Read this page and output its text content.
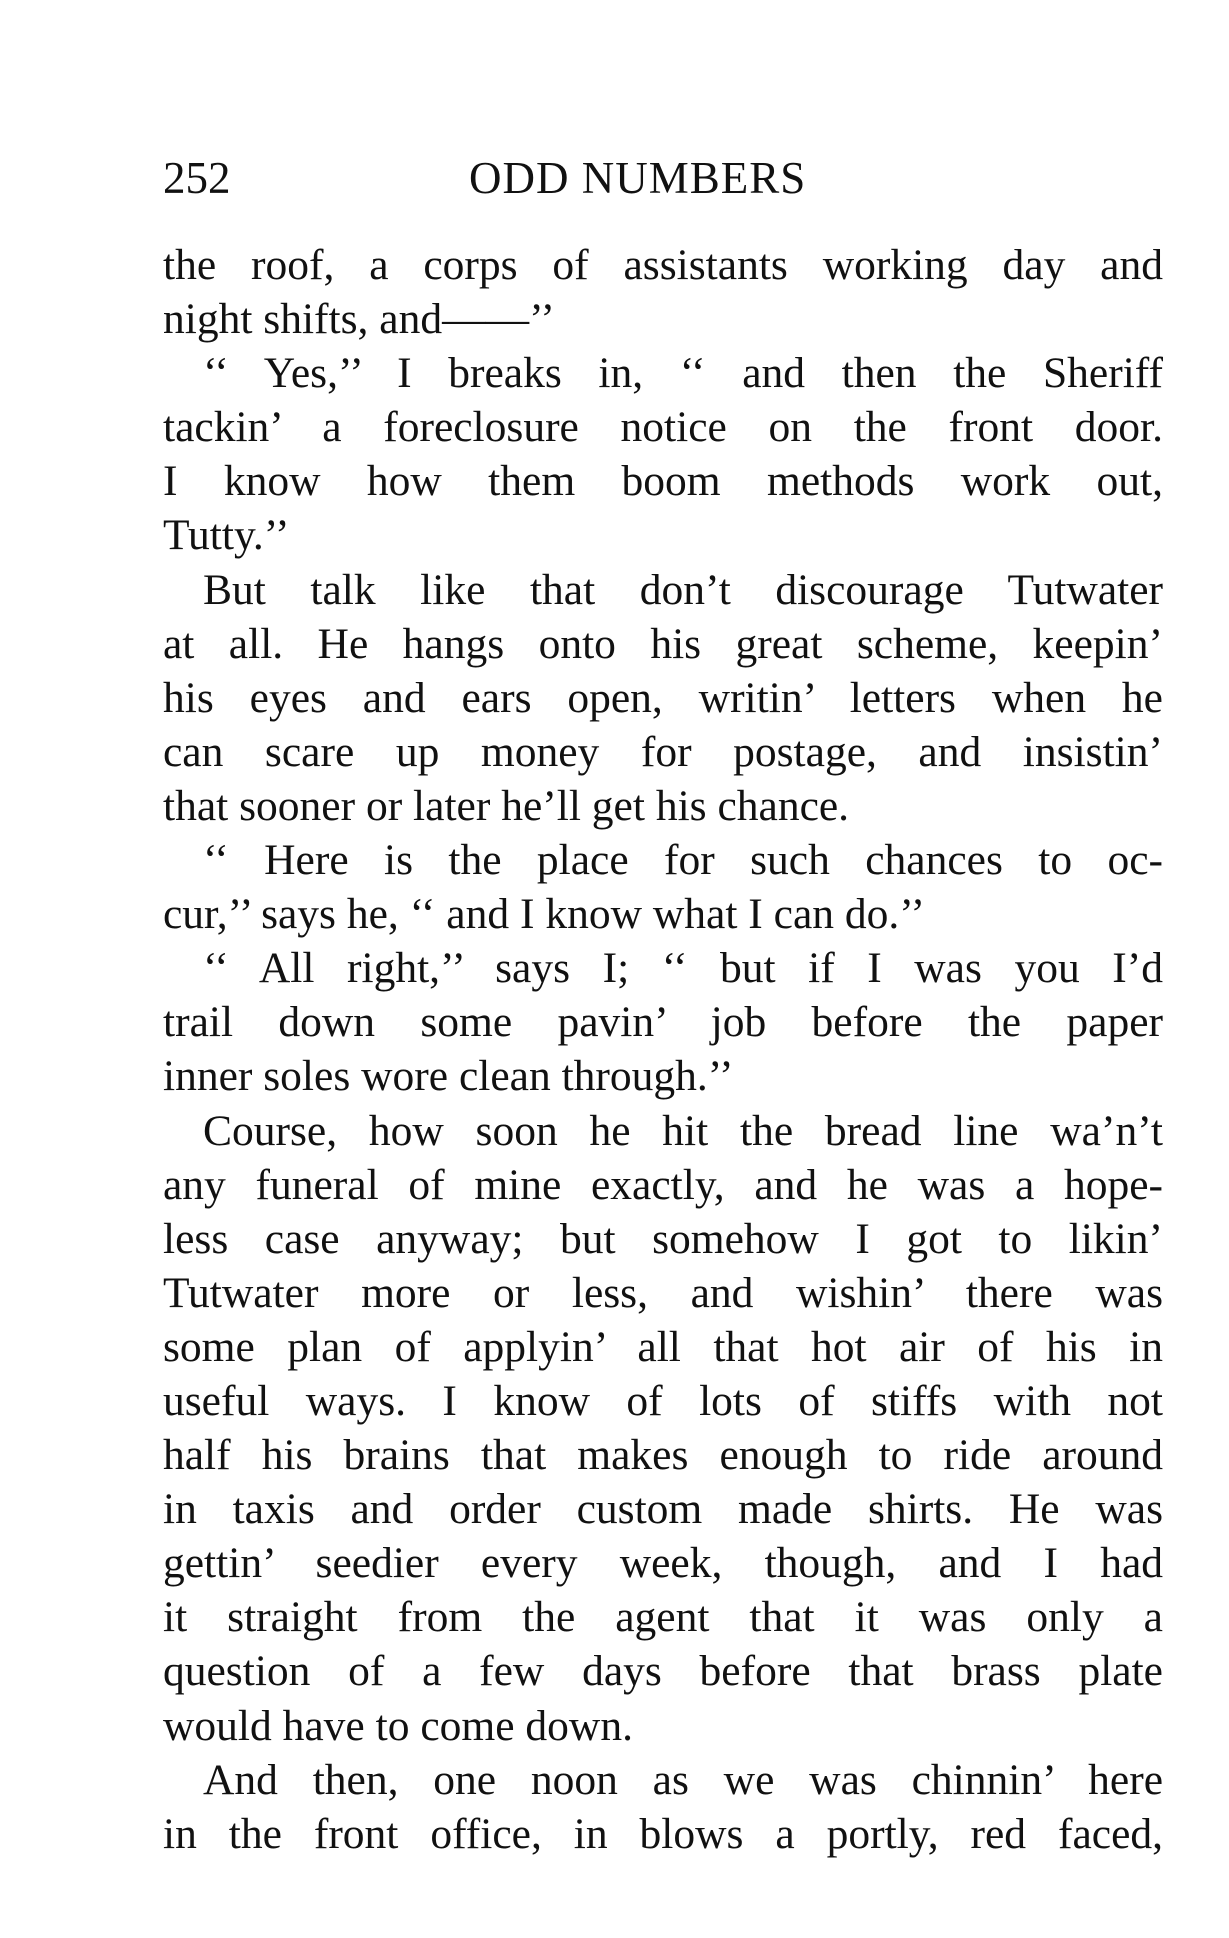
252	ODD NUMBERS
the roof, a corps of assistants working day and
night shifts, and——’’
‘‘ Yes,’’ I breaks in, ‘‘ and then the Sheriff
tackin’ a foreclosure notice on the front door.
I know how them boom methods work out,
Tutty.’’
But talk like that don’t discourage Tutwater
at all. He hangs onto his great scheme, keepin’
his eyes and ears open, writin’ letters when he
can scare up money for postage, and insistin’
that sooner or later he’ll get his chance.
‘‘ Here is the place for such chances to oc-
cur,’’ says he, ‘‘ and I know what I can do.’’
‘‘ All right,’’ says I; ‘‘ but if I was you I’d
trail down some pavin’ job before the paper
inner soles wore clean through.’’
Course, how soon he hit the bread line wa’n’t
any funeral of mine exactly, and he was a hope-
less case anyway; but somehow I got to likin’
Tutwater more or less, and wishin’ there was
some plan of applyin’ all that hot air of his in
useful ways. I know of lots of stiffs with not
half his brains that makes enough to ride around
in taxis and order custom made shirts. He was
gettin’ seedier every week, though, and I had
it straight from the agent that it was only a
question of a few days before that brass plate
would have to come down.
And then, one noon as we was chinnin’ here
in the front office, in blows a portly, red faced,
